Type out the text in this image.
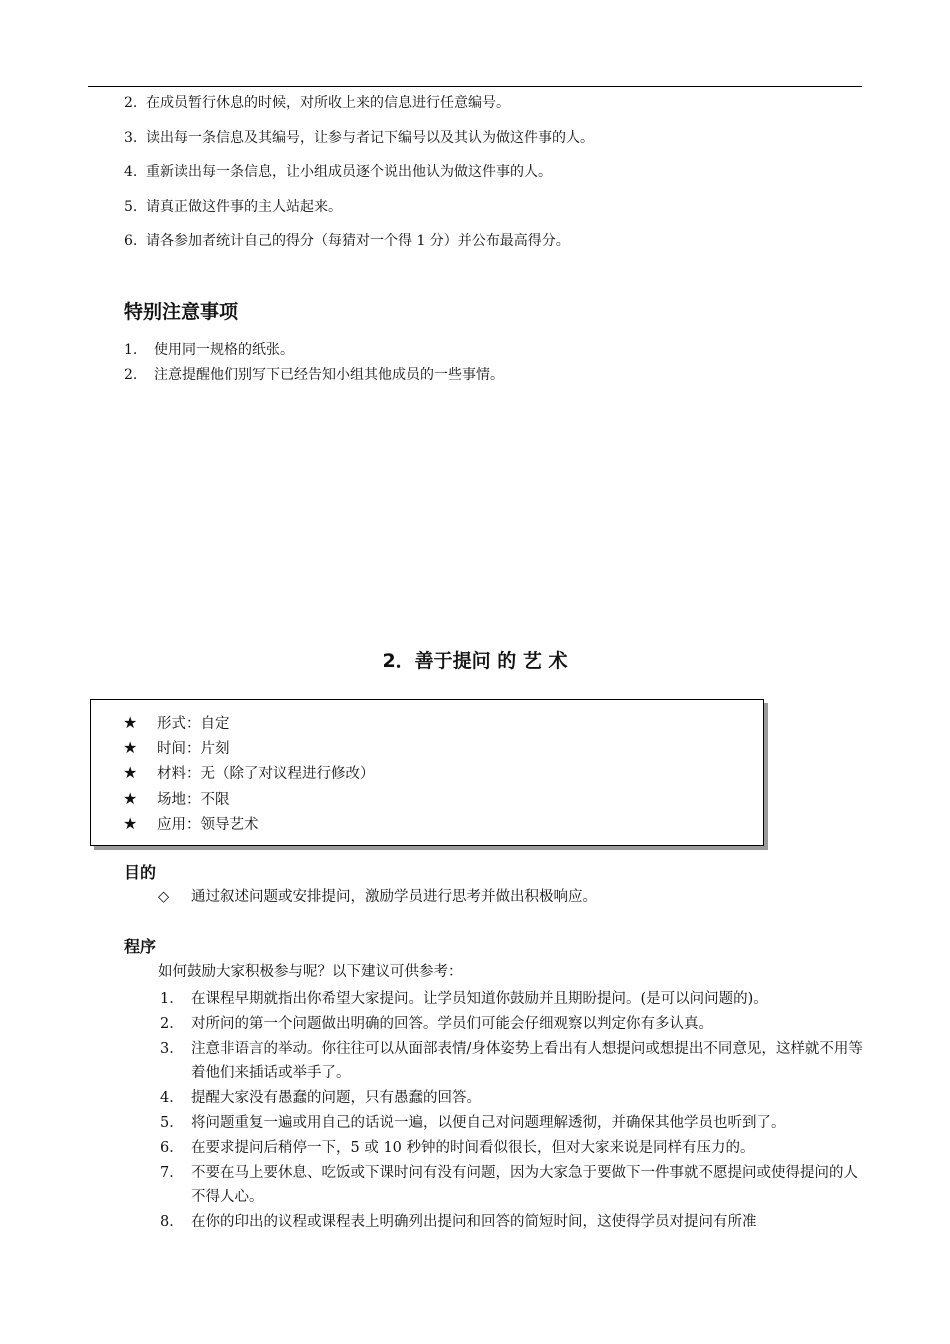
2. 在成员暂行休息的时候，对所收上来的信息进行任意编号。
3. 读出每一条信息及其编号，让参与者记下编号以及其认为做这件事的人。
4. 重新读出每一条信息，让小组成员逐个说出他认为做这件事的人。
5. 请真正做这件事的主人站起来。
6. 请各参加者统计自己的得分（每猜对一个得 1 分）并公布最高得分。
特别注意事项
1. 使用同一规格的纸张。
2. 注意提醒他们别写下已经告知小组其他成员的一些事情。
2．善于提问 的 艺 术
★ 形式：自定
★ 时间：片刻
★ 材料：无（除了对议程进行修改）
★ 场地：不限
★ 应用：领导艺术
目的
◇ 通过叙述问题或安排提问，激励学员进行思考并做出积极响应。
程序
如何鼓励大家积极参与呢？以下建议可供参考：
1． 在课程早期就指出你希望大家提问。让学员知道你鼓励并且期盼提问。(是可以问问题的)。
2． 对所问的第一个问题做出明确的回答。学员们可能会仔细观察以判定你有多认真。
3． 注意非语言的举动。你往往可以从面部表情/身体姿势上看出有人想提问或想提出不同意见，这样就不用等着他们来插话或举手了。
4． 提醒大家没有愚蠢的问题，只有愚蠢的回答。
5． 将问题重复一遍或用自己的话说一遍，以便自己对问题理解透彻，并确保其他学员也听到了。
6． 在要求提问后稍停一下，5 或 10 秒钟的时间看似很长，但对大家来说是同样有压力的。
7． 不要在马上要休息、吃饭或下课时问有没有问题，因为大家急于要做下一件事就不愿提问或使得提问的人不得人心。
8． 在你的印出的议程或课程表上明确列出提问和回答的简短时间，这使得学员对提问有所准
